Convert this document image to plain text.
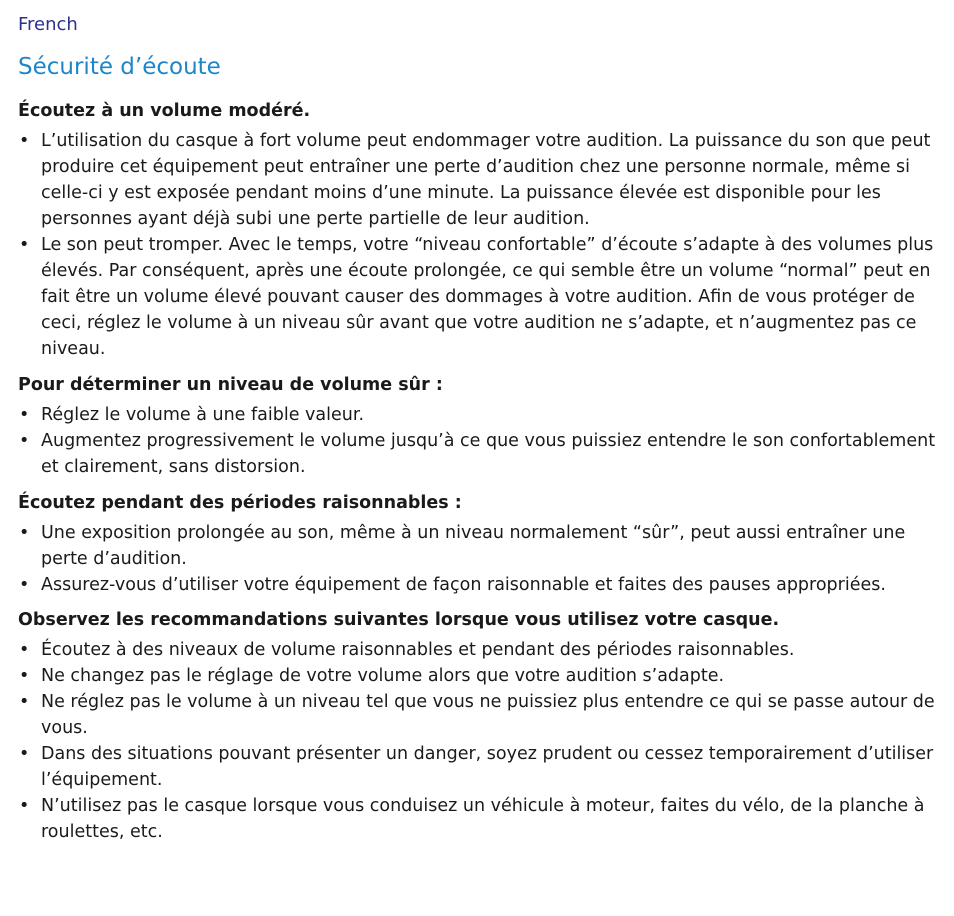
French

Sécurité d’écoute

Écoutez à un volume modéré.

• L’utilisation du casque à fort volume peut endommager votre audition. La puissance du son que peut produire cet équipement peut entraîner une perte d’audition chez une personne normale, même si celle-ci y est exposée pendant moins d’une minute. La puissance élevée est disponible pour les personnes ayant déjà subi une perte partielle de leur audition.
• Le son peut tromper. Avec le temps, votre “niveau confortable” d’écoute s’adapte à des volumes plus élevés. Par conséquent, après une écoute prolongée, ce qui semble être un volume “normal” peut en fait être un volume élevé pouvant causer des dommages à votre audition. Afin de vous protéger de ceci, réglez le volume à un niveau sûr avant que votre audition ne s’adapte, et n’augmentez pas ce niveau.

Pour déterminer un niveau de volume sûr :

• Réglez le volume à une faible valeur.
• Augmentez progressivement le volume jusqu’à ce que vous puissiez entendre le son confortablement et clairement, sans distorsion.

Écoutez pendant des périodes raisonnables :

• Une exposition prolongée au son, même à un niveau normalement “sûr”, peut aussi entraîner une perte d’audition.
• Assurez-vous d’utiliser votre équipement de façon raisonnable et faites des pauses appropriées.

Observez les recommandations suivantes lorsque vous utilisez votre casque.

• Écoutez à des niveaux de volume raisonnables et pendant des périodes raisonnables.
• Ne changez pas le réglage de votre volume alors que votre audition s’adapte.
• Ne réglez pas le volume à un niveau tel que vous ne puissiez plus entendre ce qui se passe autour de vous.
• Dans des situations pouvant présenter un danger, soyez prudent ou cessez temporairement d’utiliser l’équipement.
• N’utilisez pas le casque lorsque vous conduisez un véhicule à moteur, faites du vélo, de la planche à roulettes, etc.
